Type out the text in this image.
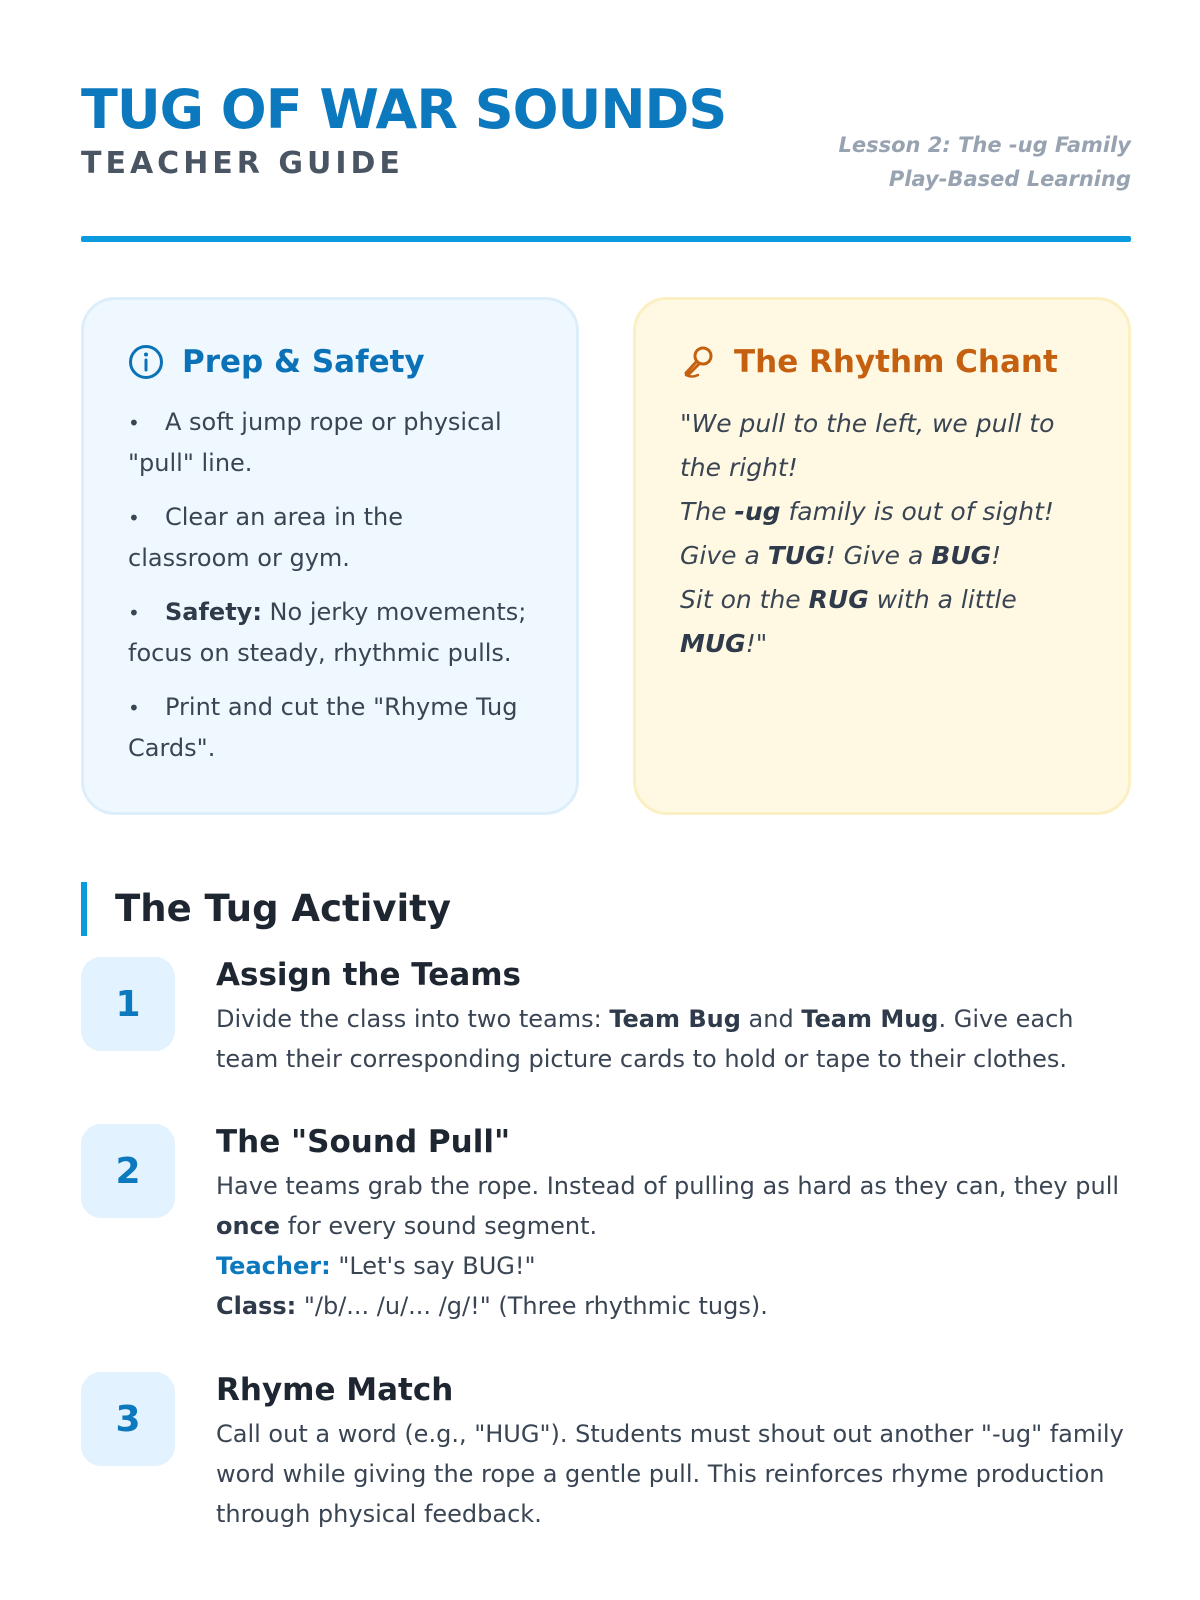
TUG OF WAR SOUNDS
TEACHER GUIDE
Lesson 2: The -ug Family
Play-Based Learning
Prep & Safety
• A soft jump rope or physical "pull" line.
• Clear an area in the classroom or gym.
• Safety: No jerky movements; focus on steady, rhythmic pulls.
• Print and cut the "Rhyme Tug Cards".
The Rhythm Chant
"We pull to the left, we pull to the right!
The -ug family is out of sight!
Give a TUG! Give a BUG!
Sit on the RUG with a little MUG!"
The Tug Activity
1
Assign the Teams
Divide the class into two teams: Team Bug and Team Mug. Give each team their corresponding picture cards to hold or tape to their clothes.
2
The "Sound Pull"
Have teams grab the rope. Instead of pulling as hard as they can, they pull once for every sound segment.
Teacher: "Let's say BUG!"
Class: "/b/... /u/... /g/!" (Three rhythmic tugs).
3
Rhyme Match
Call out a word (e.g., "HUG"). Students must shout out another "-ug" family word while giving the rope a gentle pull. This reinforces rhyme production through physical feedback.
